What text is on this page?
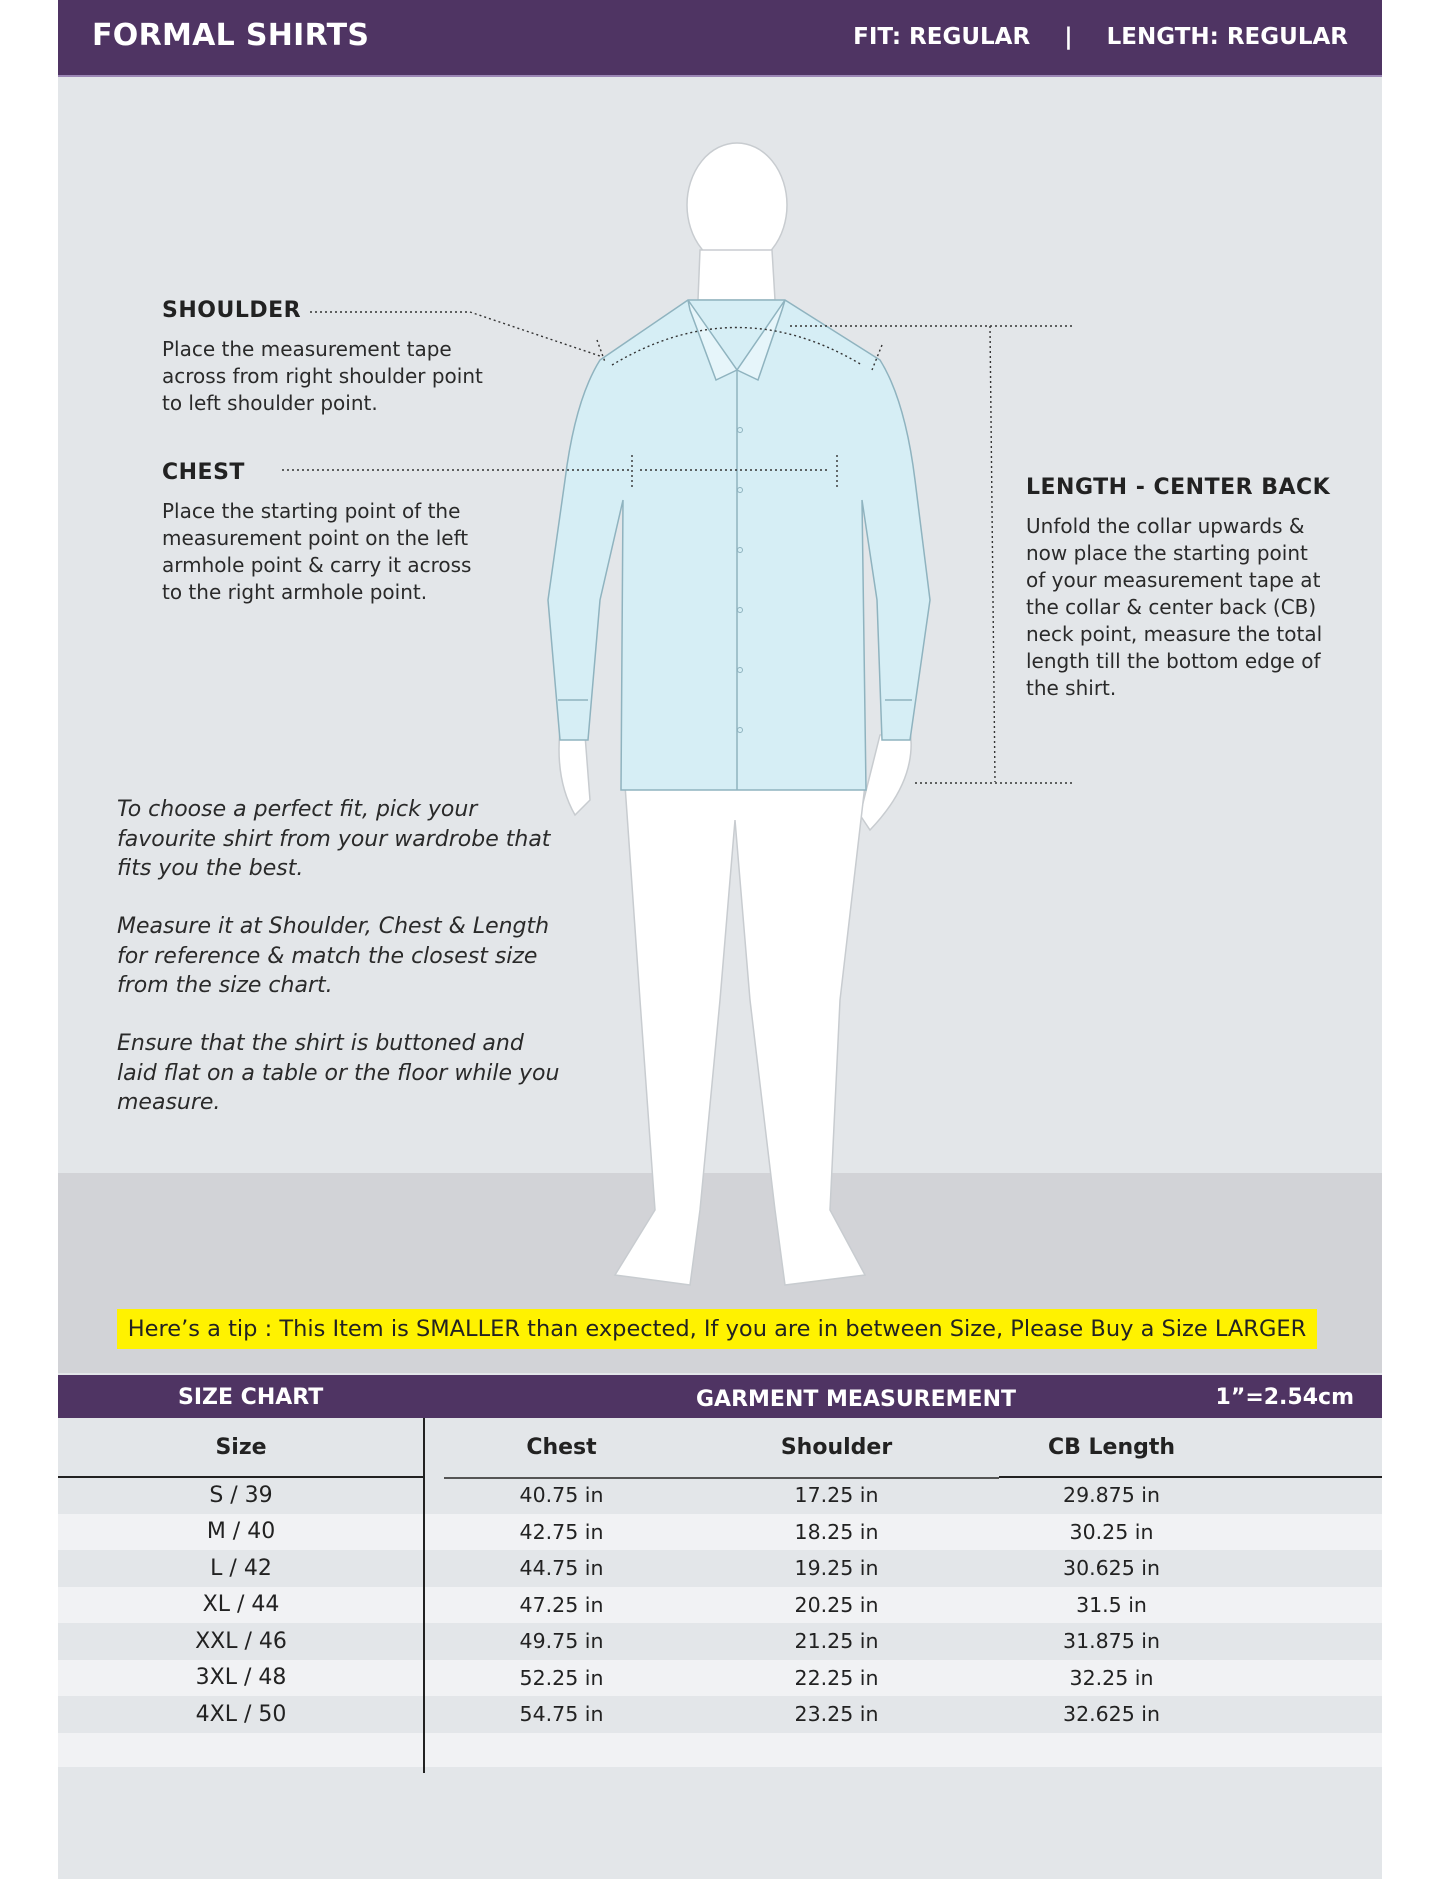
FORMAL SHIRTS	FIT: REGULAR | LENGTH: REGULAR
SHOULDER
Place the measurement tape
across from right shoulder point
to left shoulder point.
CHEST
Place the starting point of the
measurement point on the left
armhole point & carry it across
to the right armhole point.
LENGTH - CENTER BACK
Unfold the collar upwards &
now place the starting point
of your measurement tape at
the collar & center back (CB)
neck point, measure the total
length till the bottom edge of
the shirt.
To choose a perfect fit, pick your
favourite shirt from your wardrobe that
fits you the best.
Measure it at Shoulder, Chest & Length
for reference & match the closest size
from the size chart.
Ensure that the shirt is buttoned and
laid flat on a table or the floor while you
measure.
Here’s a tip : This Item is SMALLER than expected, If you are in between Size, Please Buy a Size LARGER
SIZE CHART	GARMENT MEASUREMENT	1”=2.54cm
Size	Chest	Shoulder	CB Length
S / 39	40.75 in	17.25 in	29.875 in
M / 40	42.75 in	18.25 in	30.25 in
L / 42	44.75 in	19.25 in	30.625 in
XL / 44	47.25 in	20.25 in	31.5 in
XXL / 46	49.75 in	21.25 in	31.875 in
3XL / 48	52.25 in	22.25 in	32.25 in
4XL / 50	54.75 in	23.25 in	32.625 in
